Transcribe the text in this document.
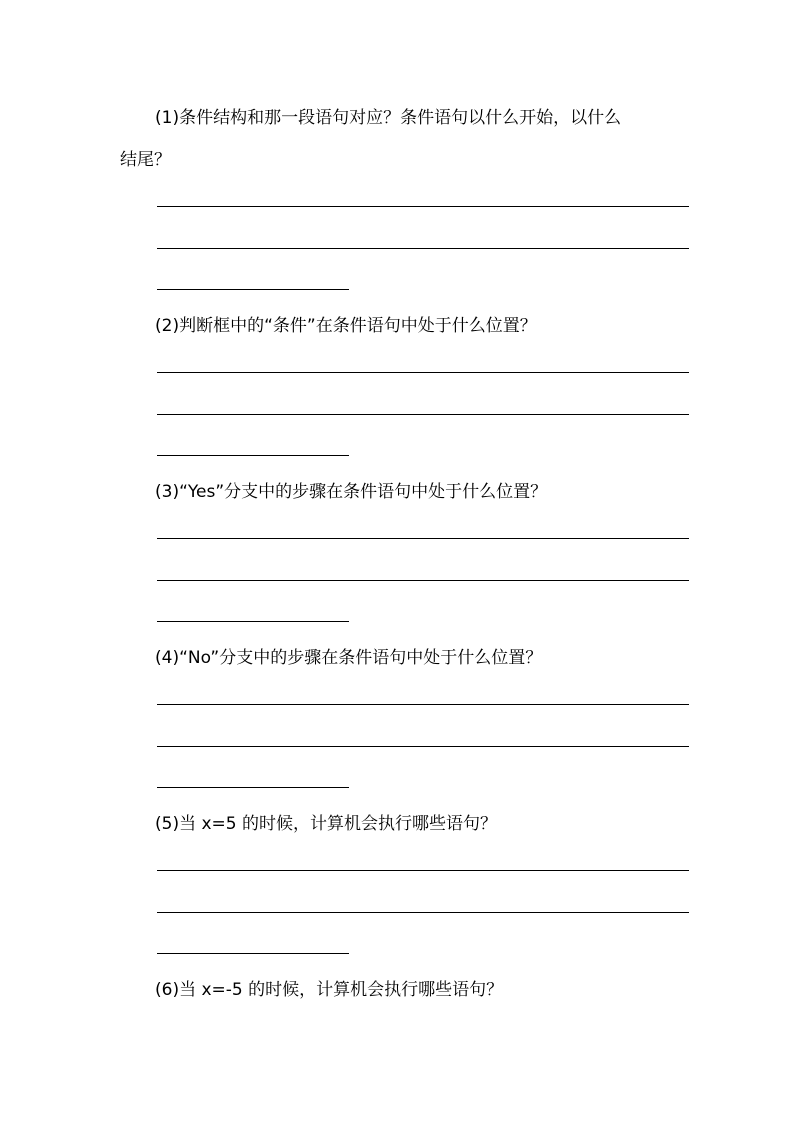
(1)条件结构和那一段语句对应？条件语句以什么开始，以什么
结尾？
(2)判断框中的“条件”在条件语句中处于什么位置？
(3)“Yes”分支中的步骤在条件语句中处于什么位置？
(4)“No”分支中的步骤在条件语句中处于什么位置？
(5)当 x=5 的时候，计算机会执行哪些语句？
(6)当 x=-5 的时候，计算机会执行哪些语句？
